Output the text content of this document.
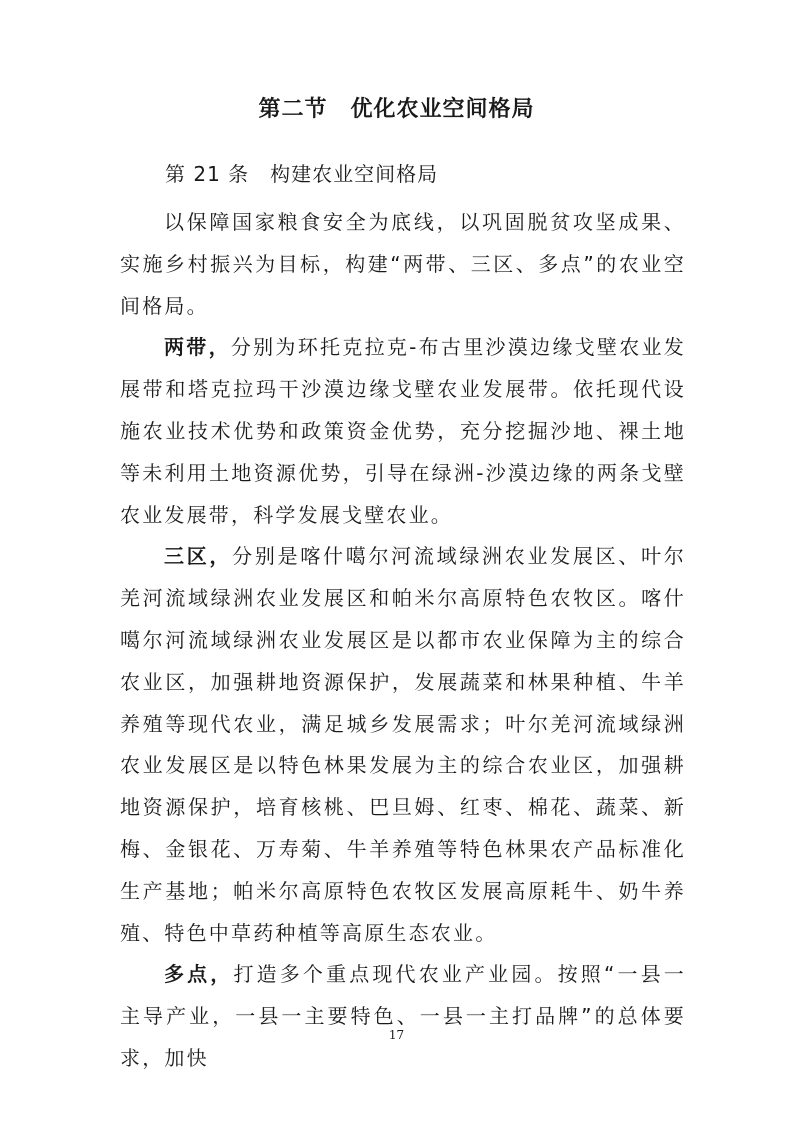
第二节　优化农业空间格局
第 21 条　构建农业空间格局

以保障国家粮食安全为底线，以巩固脱贫攻坚成果、实施乡村振兴为目标，构建“两带、三区、多点”的农业空间格局。

两带，分别为环托克拉克-布古里沙漠边缘戈壁农业发展带和塔克拉玛干沙漠边缘戈壁农业发展带。依托现代设施农业技术优势和政策资金优势，充分挖掘沙地、裸土地等未利用土地资源优势，引导在绿洲-沙漠边缘的两条戈壁农业发展带，科学发展戈壁农业。

三区，分别是喀什噶尔河流域绿洲农业发展区、叶尔羌河流域绿洲农业发展区和帕米尔高原特色农牧区。喀什噶尔河流域绿洲农业发展区是以都市农业保障为主的综合农业区，加强耕地资源保护，发展蔬菜和林果种植、牛羊养殖等现代农业，满足城乡发展需求；叶尔羌河流域绿洲农业发展区是以特色林果发展为主的综合农业区，加强耕地资源保护，培育核桃、巴旦姆、红枣、棉花、蔬菜、新梅、金银花、万寿菊、牛羊养殖等特色林果农产品标准化生产基地；帕米尔高原特色农牧区发展高原耗牛、奶牛养殖、特色中草药种植等高原生态农业。

多点，打造多个重点现代农业产业园。按照“一县一主导产业，一县一主要特色、一县一主打品牌”的总体要求，加快

17
